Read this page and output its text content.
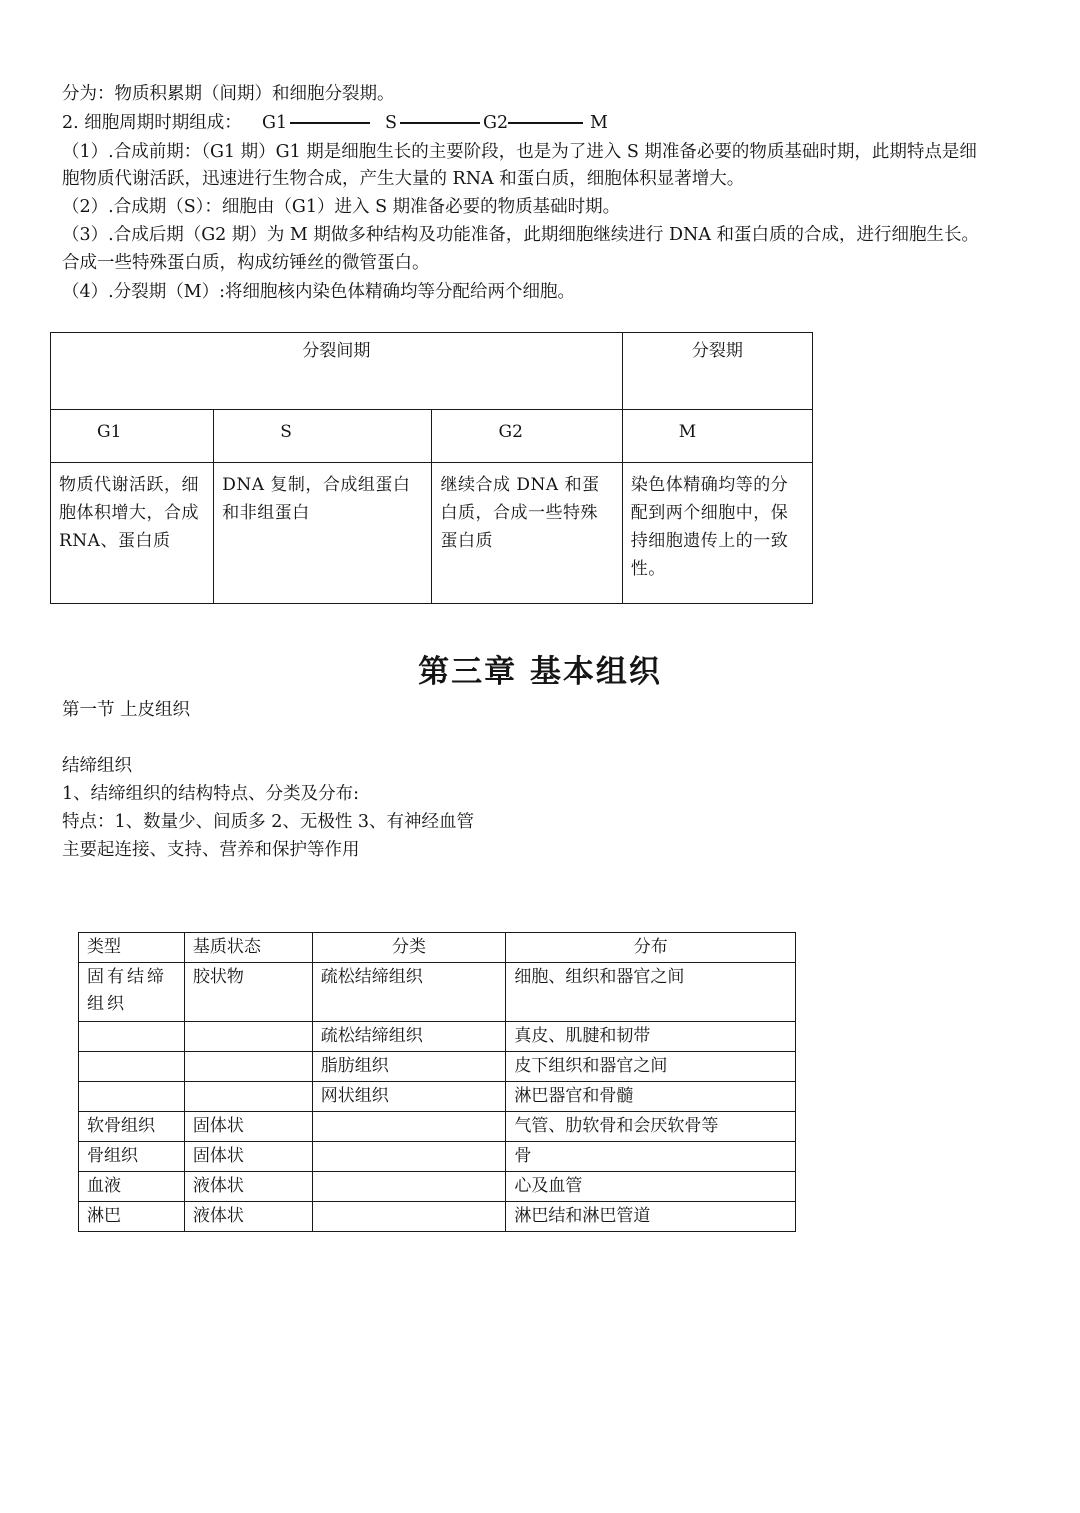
分为：物质积累期（间期）和细胞分裂期。
2. 细胞周期时期组成： G1	S	G2	M
（1）.合成前期：（G1 期）G1 期是细胞生长的主要阶段，也是为了进入 S 期准备必要的物质基础时期，此期特点是细
胞物质代谢活跃，迅速进行生物合成，产生大量的 RNA 和蛋白质，细胞体积显著增大。
（2）.合成期（S）：细胞由（G1）进入 S 期准备必要的物质基础时期。
（3）.合成后期（G2 期）为 M 期做多种结构及功能准备，此期细胞继续进行 DNA 和蛋白质的合成，进行细胞生长。
合成一些特殊蛋白质，构成纺锤丝的微管蛋白。
（4）.分裂期（M）:将细胞核内染色体精确均等分配给两个细胞。
分裂间期			分裂期
G1	S	G2	M
物质代谢活跃，细胞体积增大，合成 RNA、蛋白质	DNA 复制，合成组蛋白和非组蛋白	继续合成 DNA 和蛋白质，合成一些特殊蛋白质	染色体精确均等的分配到两个细胞中，保持细胞遗传上的一致性。
第三章 基本组织
第一节 上皮组织
结缔组织
1、结缔组织的结构特点、分类及分布:
特点：1、数量少、间质多 2、无极性 3、有神经血管
主要起连接、支持、营养和保护等作用
类型	基质状态	分类	分布
固有结缔组织	胶状物	疏松结缔组织	细胞、组织和器官之间
		疏松结缔组织	真皮、肌腱和韧带
		脂肪组织	皮下组织和器官之间
		网状组织	淋巴器官和骨髓
软骨组织	固体状		气管、肋软骨和会厌软骨等
骨组织	固体状		骨
血液	液体状		心及血管
淋巴	液体状		淋巴结和淋巴管道
